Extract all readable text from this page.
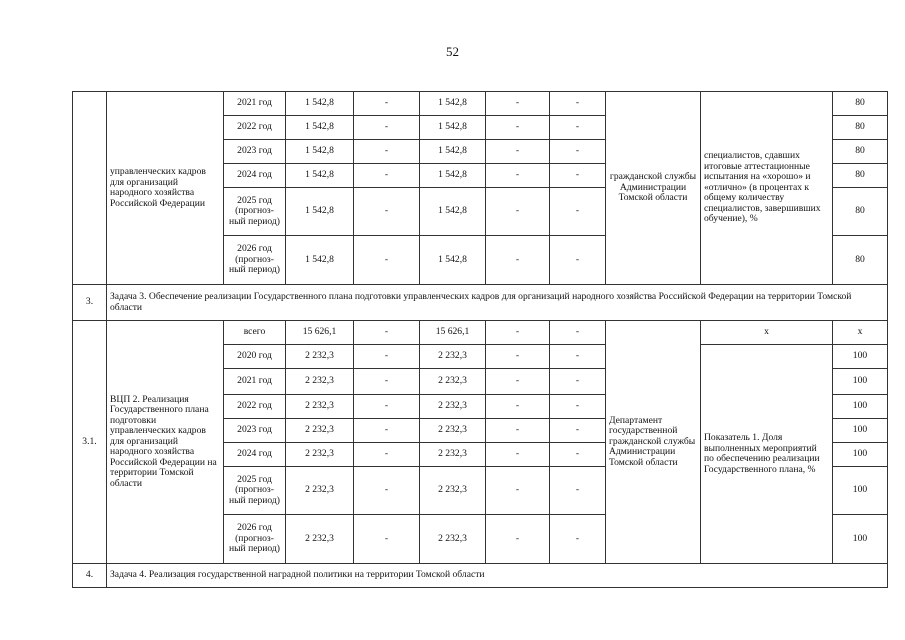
52
	управленческих кадров для организаций народного хозяйства Российской Федерации	2021 год	1 542,8	-	1 542,8	-	-	гражданской службы Администрации Томской области	специалистов, сдавших итоговые аттестационные испытания на «хорошо» и «отлично» (в процентах к общему количеству специалистов, завершивших обучение), %	80
		2022 год	1 542,8	-	1 542,8	-	-			80
		2023 год	1 542,8	-	1 542,8	-	-			80
		2024 год	1 542,8	-	1 542,8	-	-			80
		2025 год (прогноз-ный период)	1 542,8	-	1 542,8	-	-			80
		2026 год (прогноз-ный период)	1 542,8	-	1 542,8	-	-			80
3.	Задача 3. Обеспечение реализации Государственного плана подготовки управленческих кадров для организаций народного хозяйства Российской Федерации на территории Томской области									
3.1.	ВЦП 2. Реализация Государственного плана подготовки управленческих кадров для организаций народного хозяйства Российской Федерации на территории Томской области	всего	15 626,1	-	15 626,1	-	-	Департамент государственной гражданской службы Администрации Томской области	х	х
		2020 год	2 232,3	-	2 232,3	-	-		Показатель 1. Доля выполненных мероприятий по обеспечению реализации Государственного плана, %	100
		2021 год	2 232,3	-	2 232,3	-	-			100
		2022 год	2 232,3	-	2 232,3	-	-			100
		2023 год	2 232,3	-	2 232,3	-	-			100
		2024 год	2 232,3	-	2 232,3	-	-			100
		2025 год (прогноз-ный период)	2 232,3	-	2 232,3	-	-			100
		2026 год (прогноз-ный период)	2 232,3	-	2 232,3	-	-			100
4.	Задача 4. Реализация государственной наградной политики на территории Томской области									
